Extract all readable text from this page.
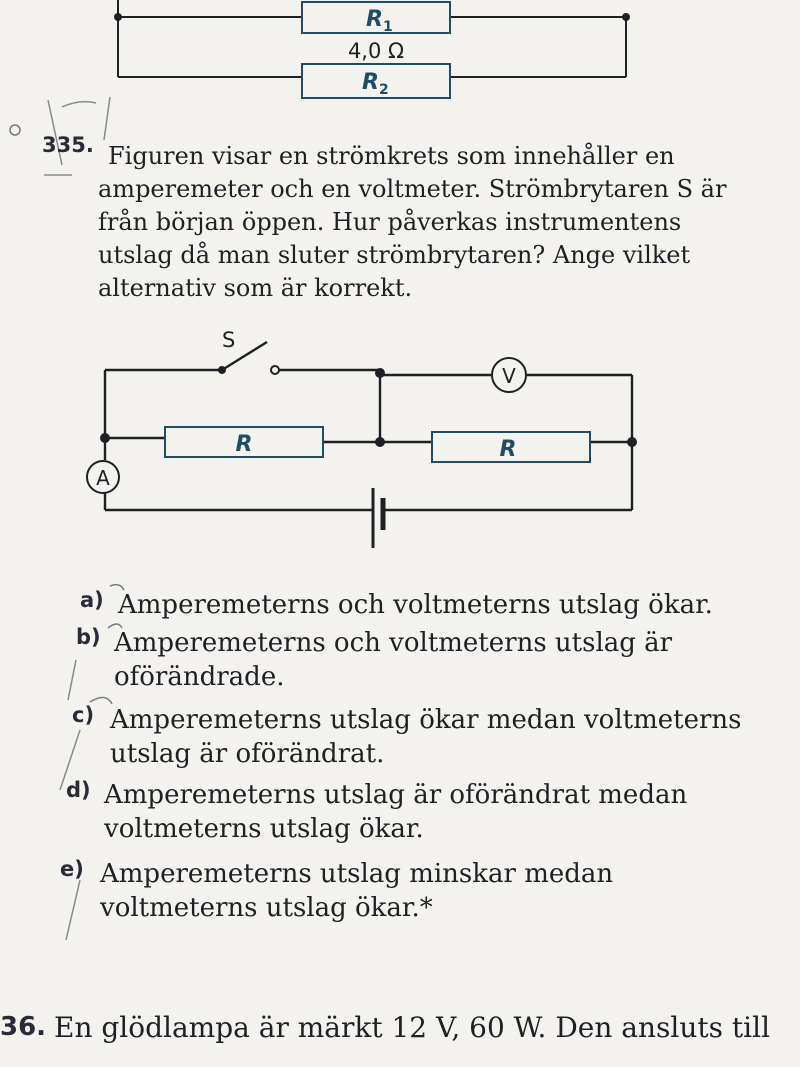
$R_1$
4,0 Ω
$R_2$
335. Figuren visar en strömkrets som innehåller en amperemeter och en voltmeter. Strömbrytaren S är från början öppen. Hur påverkas instrumentens utslag då man sluter strömbrytaren? Ange vilket alternativ som är korrekt.
S
V
A
R	R
a) Amperemeterns och voltmeterns utslag ökar.
b) Amperemeterns och voltmeterns utslag är oförändrade.
c) Amperemeterns utslag ökar medan voltmeterns utslag är oförändrat.
d) Amperemeterns utslag är oförändrat medan voltmeterns utslag ökar.
e) Amperemeterns utslag minskar medan voltmeterns utslag ökar.*
36. En glödlampa är märkt 12 V, 60 W. Den ansluts till
